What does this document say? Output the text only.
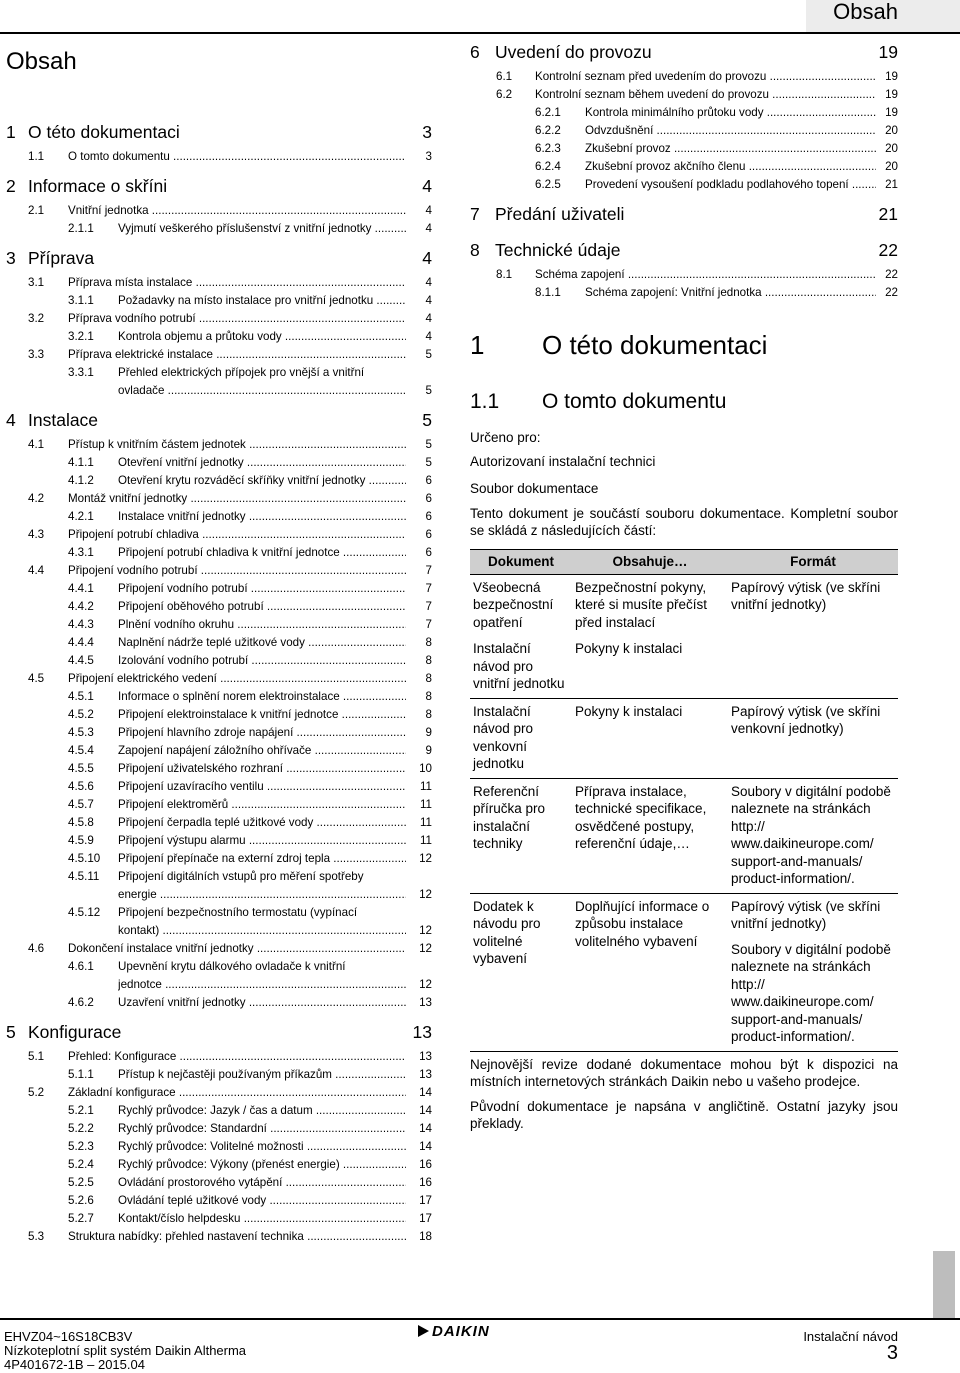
Obsah
Obsah
1 O této dokumentaci	3
1.1 O tomto dokumentu .....	3
2 Informace o skříni	4
2.1 Vnitřní jednotka .....	4
2.1.1 Vyjmutí veškerého příslušenství z vnitřní jednotky .....	4
3 Příprava	4
3.1 Příprava místa instalace .....	4
3.1.1 Požadavky na místo instalace pro vnitřní jednotku .....	4
3.2 Příprava vodního potrubí .....	4
3.2.1 Kontrola objemu a průtoku vody .....	4
3.3 Příprava elektrické instalace .....	5
3.3.1 Přehled elektrických přípojek pro vnější a vnitřní
ovladače .....	5
4 Instalace	5
4.1 Přístup k vnitřním částem jednotek .....	5
4.1.1 Otevření vnitřní jednotky .....	5
4.1.2 Otevření krytu rozváděcí skříňky vnitřní jednotky .....	6
4.2 Montáž vnitřní jednotky .....	6
4.2.1 Instalace vnitřní jednotky .....	6
4.3 Připojení potrubí chladiva .....	6
4.3.1 Připojení potrubí chladiva k vnitřní jednotce .....	6
4.4 Připojení vodního potrubí .....	7
4.4.1 Připojení vodního potrubí .....	7
4.4.2 Připojení oběhového potrubí .....	7
4.4.3 Plnění vodního okruhu .....	7
4.4.4 Naplnění nádrže teplé užitkové vody .....	8
4.4.5 Izolování vodního potrubí .....	8
4.5 Připojení elektrického vedení .....	8
4.5.1 Informace o splnění norem elektroinstalace .....	8
4.5.2 Připojení elektroinstalace k vnitřní jednotce .....	8
4.5.3 Připojení hlavního zdroje napájení .....	9
4.5.4 Zapojení napájení záložního ohřívače .....	9
4.5.5 Připojení uživatelského rozhraní .....	10
4.5.6 Připojení uzavíracího ventilu .....	11
4.5.7 Připojení elektroměrů .....	11
4.5.8 Připojení čerpadla teplé užitkové vody .....	11
4.5.9 Připojení výstupu alarmu .....	11
4.5.10 Připojení přepínače na externí zdroj tepla .....	12
4.5.11 Připojení digitálních vstupů pro měření spotřeby
energie .....	12
4.5.12 Připojení bezpečnostního termostatu (vypínací
kontakt) .....	12
4.6 Dokončení instalace vnitřní jednotky .....	12
4.6.1 Upevnění krytu dálkového ovladače k vnitřní
jednotce .....	12
4.6.2 Uzavření vnitřní jednotky .....	13
5 Konfigurace	13
5.1 Přehled: Konfigurace .....	13
5.1.1 Přístup k nejčastěji používaným příkazům .....	13
5.2 Základní konfigurace .....	14
5.2.1 Rychlý průvodce: Jazyk / čas a datum .....	14
5.2.2 Rychlý průvodce: Standardní .....	14
5.2.3 Rychlý průvodce: Volitelné možnosti .....	14
5.2.4 Rychlý průvodce: Výkony (přenést energie) .....	16
5.2.5 Ovládání prostorového vytápění .....	16
5.2.6 Ovládání teplé užitkové vody .....	17
5.2.7 Kontakt/číslo helpdesku .....	17
5.3 Struktura nabídky: přehled nastavení technika .....	18
6 Uvedení do provozu	19
6.1 Kontrolní seznam před uvedením do provozu .....	19
6.2 Kontrolní seznam během uvedení do provozu .....	19
6.2.1 Kontrola minimálního průtoku vody .....	19
6.2.2 Odvzdušnění .....	20
6.2.3 Zkušební provoz .....	20
6.2.4 Zkušební provoz akčního členu .....	20
6.2.5 Provedení vysoušení podkladu podlahového topení .....	21
7 Předání uživateli	21
8 Technické údaje	22
8.1 Schéma zapojení .....	22
8.1.1 Schéma zapojení: Vnitřní jednotka .....	22
1 O této dokumentaci
1.1 O tomto dokumentu
Určeno pro:
Autorizovaní instalační technici
Soubor dokumentace
Tento dokument je součástí souboru dokumentace. Kompletní soubor se skládá z následujících částí:
Dokument	Obsahuje…	Formát
Všeobecná bezpečnostní opatření	Bezpečnostní pokyny, které si musíte přečíst před instalací	Papírový výtisk (ve skříni vnitřní jednotky)

Instalační návod pro vnitřní jednotku	Pokyny k instalaci	
Instalační návod pro venkovní jednotku	Pokyny k instalaci	Papírový výtisk (ve skříni venkovní jednotky)

Referenční příručka pro instalační techniky	Příprava instalace, technické specifikace, osvědčené postupy, referenční údaje,…	Soubory v digitální podobě naleznete na stránkách http:// www.daikineurope.com/ support-and-manuals/ product-information/.

Dodatek k návodu pro volitelné vybavení	Doplňující informace o způsobu instalace volitelného vybavení	Papírový výtisk (ve skříni vnitřní jednotky)

Soubory v digitální podobě naleznete na stránkách http:// www.daikineurope.com/ support-and-manuals/ product-information/.

Nejnovější revize dodané dokumentace mohou být k dispozici na místních internetových stránkách Daikin nebo u vašeho prodejce.
Původní dokumentace je napsána v angličtině. Ostatní jazyky jsou překlady.
EHVZ04~16S18CB3V
Nízkoteplotní split systém Daikin Altherma
4P401672-1B – 2015.04
DAIKIN	Instalační návod
3
